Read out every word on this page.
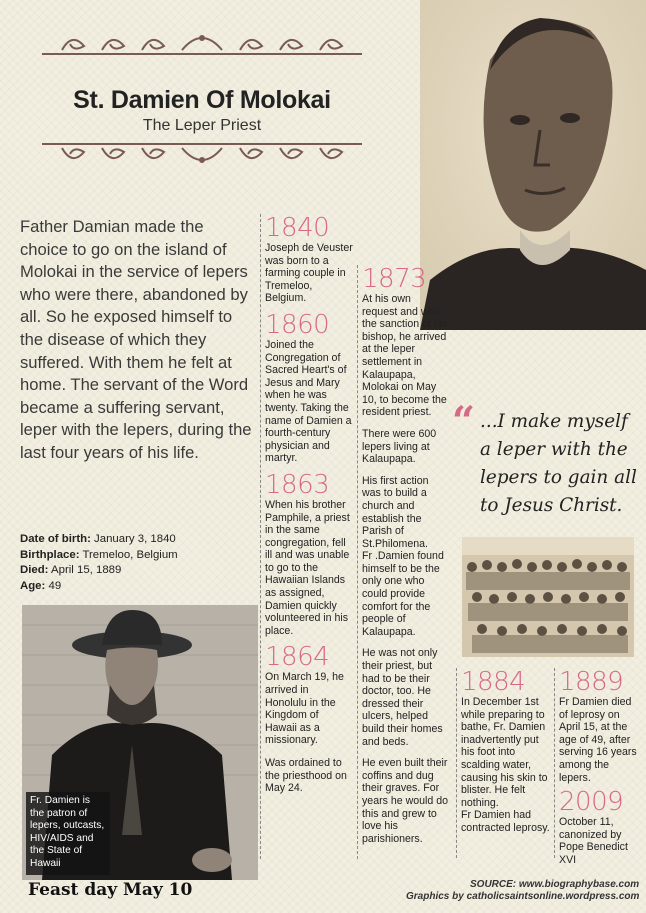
St. Damien Of Molokai
The Leper Priest
Father Damian made the choice to go on the island of Molokai in the service of lepers who were there, abandoned by all. So he exposed himself to the disease of which they suffered. With them he felt at home. The servant of the Word became a suffering servant, leper with the lepers, during the last four years of his life.
Date of birth: January 3, 1840
Birthplace: Tremeloo, Belgium
Died: April 15, 1889
Age: 49
Fr. Damien is the patron of lepers, outcasts, HIV/AIDS and the State of Hawaii
Feast day May 10
1840
Joseph de Veuster was born to a farming couple in Tremeloo, Belgium.
1860
Joined the Congregation of Sacred Heart's of Jesus and Mary when he was twenty. Taking the name of Damien a fourth-century physician and martyr.
1863
When his brother Pamphile, a priest in the same congregation, fell ill and was unable to go to the Hawaiian Islands as assigned, Damien quickly volunteered in his place.
1864
On March 19, he arrived in Honolulu in the Kingdom of Hawaii as a missionary.
Was ordained to the priesthood on May 24.
1873
At his own request and with the sanction of his bishop, he arrived at the leper settlement in Kalaupapa, Molokai on May 10, to become the resident priest.
There were 600 lepers living at Kalaupapa.
His first action was to build a church and establish the Parish of St.Philomena.
Fr .Damien found himself to be the only one who could provide comfort for the people of Kalaupapa.
He was not only their priest, but had to be their doctor, too. He dressed their ulcers, helped build their homes and beds.
He even built their coffins and dug their graves. For years he would do this and grew to love his parishioners.
“ ...I make myself a leper with the lepers to gain all to Jesus Christ.
1884
In December 1st while preparing to bathe, Fr. Damien inadvertently put his foot into scalding water, causing his skin to blister. He felt nothing.
Fr Damien had contracted leprosy.
1889
Fr Damien died of leprosy on April 15, at the age of 49, after serving 16 years among the lepers.
2009
October 11, canonized by Pope Benedict XVI
SOURCE: www.biographybase.com
Graphics by catholicsaintsonline.wordpress.com
